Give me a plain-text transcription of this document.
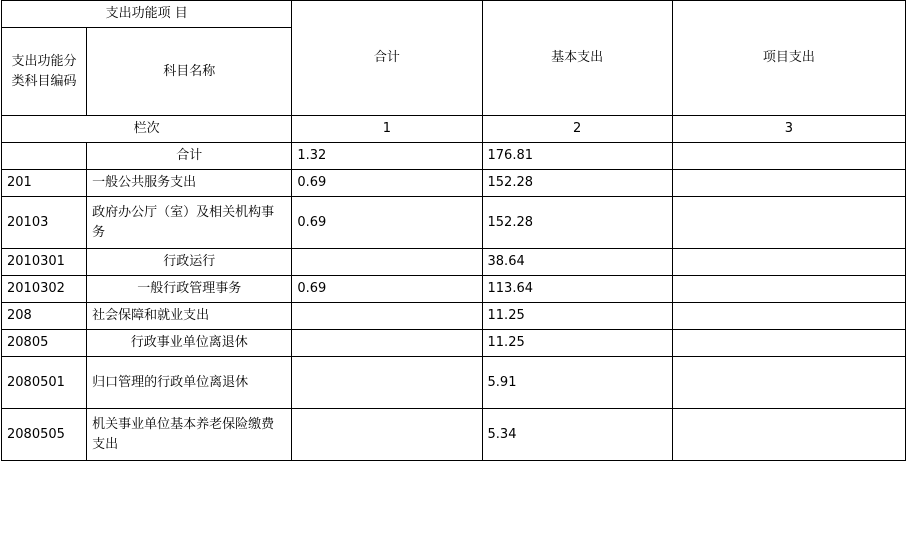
支出功能项 目		合计	基本支出	项目支出
支出功能分类科目编码	科目名称			
栏次		1	2	3
	合计	1.32	176.81	
201	一般公共服务支出	0.69	152.28	
20103	政府办公厅（室）及相关机构事务	0.69	152.28	
2010301	行政运行		38.64	
2010302	一般行政管理事务	0.69	113.64	
208	社会保障和就业支出		11.25	
20805	行政事业单位离退休		11.25	
2080501	归口管理的行政单位离退休		5.91	
2080505	机关事业单位基本养老保险缴费支出		5.34	
